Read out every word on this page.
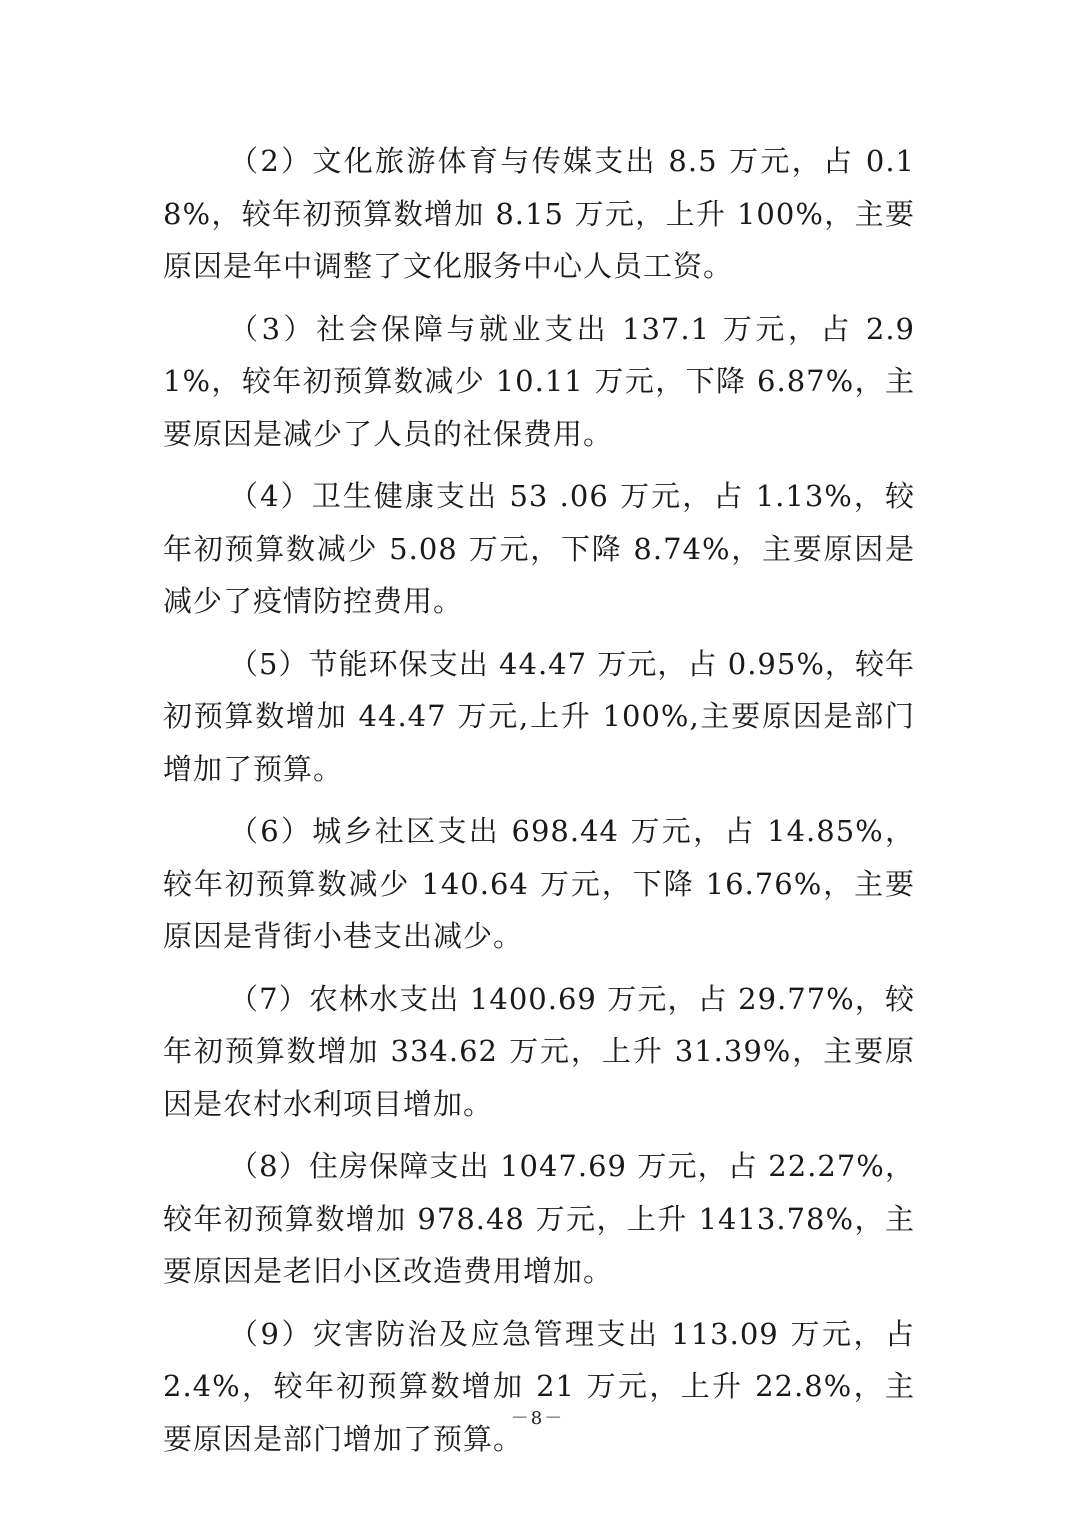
（2）文化旅游体育与传媒支出 8.5 万元，占 0.18%，较年初预算数增加 8.15 万元，上升 100%，主要原因是年中调整了文化服务中心人员工资。

（3）社会保障与就业支出 137.1 万元，占 2.91%，较年初预算数减少 10.11 万元，下降 6.87%，主要原因是减少了人员的社保费用。

（4）卫生健康支出 53 .06 万元，占 1.13%，较年初预算数减少 5.08 万元，下降 8.74%，主要原因是减少了疫情防控费用。

（5）节能环保支出 44.47 万元，占 0.95%，较年初预算数增加 44.47 万元,上升 100%,主要原因是部门增加了预算。

（6）城乡社区支出 698.44 万元，占 14.85%，较年初预算数减少 140.64 万元，下降 16.76%，主要原因是背街小巷支出减少。

（7）农林水支出 1400.69 万元，占 29.77%，较年初预算数增加 334.62 万元，上升 31.39%，主要原因是农村水利项目增加。

（8）住房保障支出 1047.69 万元，占 22.27%，较年初预算数增加 978.48 万元，上升 1413.78%，主要原因是老旧小区改造费用增加。

（9）灾害防治及应急管理支出 113.09 万元，占 2.4%，较年初预算数增加 21 万元，上升 22.8%，主要原因是部门增加了预算。

－8－
